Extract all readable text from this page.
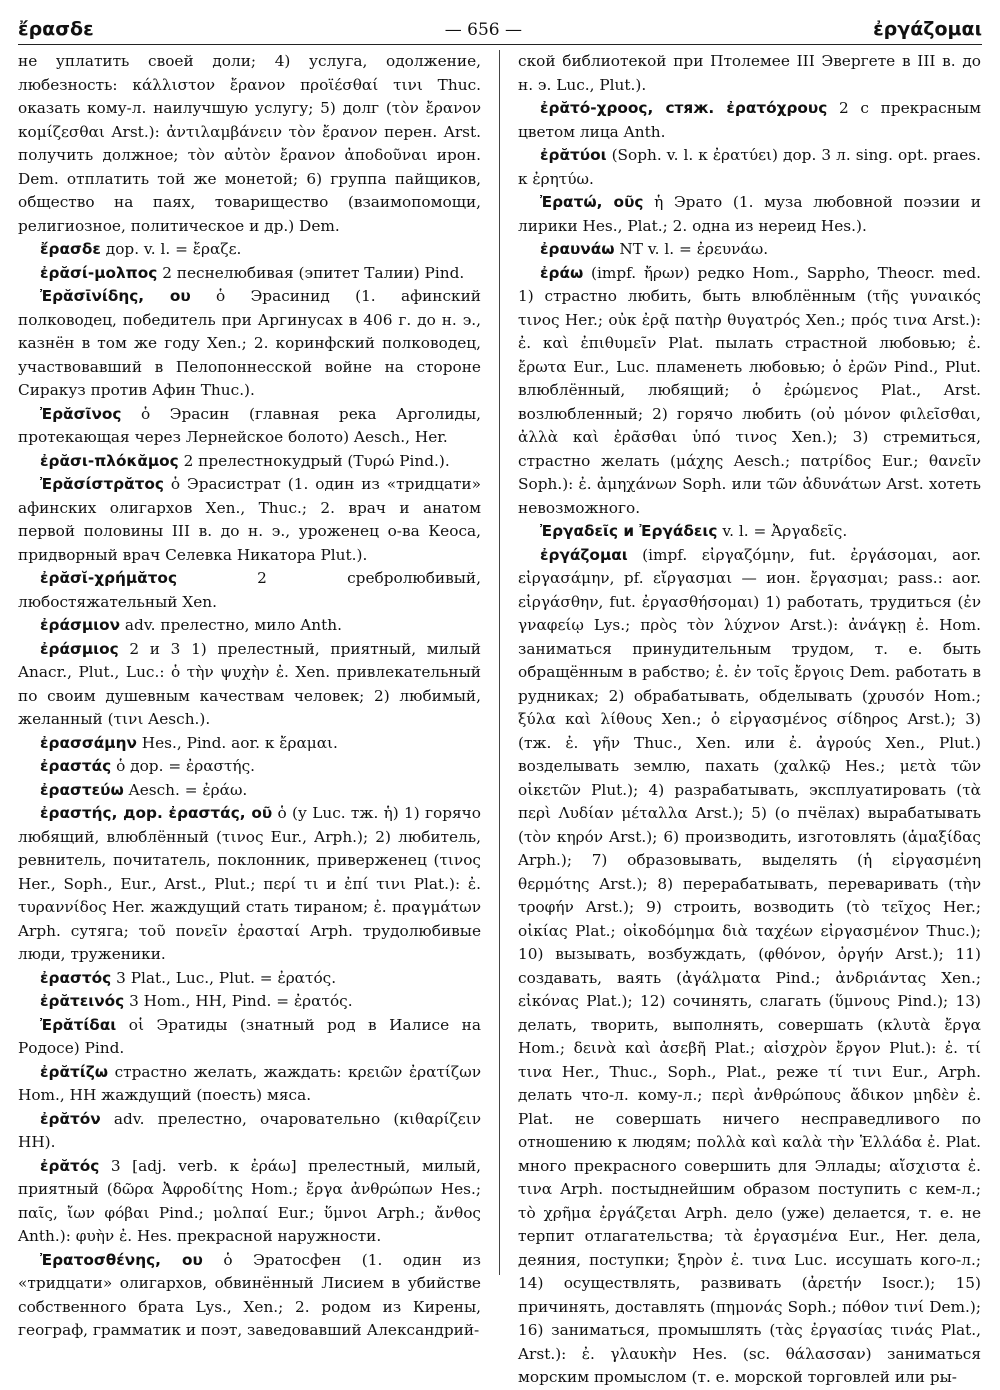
ἔρασδε	— 656 —	ἐργάζομαι

не уплатить своей доли; 4) услуга, одолжение, любезность: κάλλιστον ἔρανον προϊέσθαί τινι Thuc. оказать кому-л. наилучшую услугу; 5) долг (τὸν ἔρανον κομίζεσθαι Arst.): ἀντιλαμβάνειν τὸν ἔρανον перен. Arst. получить должное; τὸν αὐτὸν ἔρανον ἀποδοῦναι ирон. Dem. отплатить той же монетой; 6) группа пайщиков, общество на паях, товарищество (взаимопомощи, религиозное, политическое и др.) Dem.

ἔρασδε дор. v. l. = ἔραζε.

ἐρᾰσί-μολπος 2 песнелюбивая (эпитет Талии) Pind.

Ἐρᾰσῑνίδης, ου ὁ Эрасинид (1. афинский полководец, победитель при Аргинусах в 406 г. до н. э., казнён в том же году Xen.; 2. коринфский полководец, участвовавший в Пелопоннесской войне на стороне Сиракуз против Афин Thuc.).

Ἐρᾰσῖνος ὁ Эрасин (главная река Арголиды, протекающая через Лернейское болото) Aesch., Her.

ἐρᾰσι-πλόκᾰμος 2 прелестнокудрый (Τυρώ Pind.).

Ἐρᾰσίστρᾰτος ὁ Эрасистрат (1. один из «тридцати» афинских олигархов Xen., Thuc.; 2. врач и анатом первой половины III в. до н. э., уроженец о-ва Кеоса, придворный врач Селевка Никатора Plut.).

ἐρᾰσῐ-χρήμᾰτος 2 сребролюбивый, любостяжательный Xen.

ἐράσμιον adv. прелестно, мило Anth.

ἐράσμιος 2 и 3 1) прелестный, приятный, милый Anacr., Plut., Luc.: ὁ τὴν ψυχὴν ἐ. Xen. привлекательный по своим душевным качествам человек; 2) любимый, желанный (τινι Aesch.).

ἐρασσάμην Hes., Pind. aor. к ἔραμαι.

ἐραστάς ὁ дор. = ἐραστής.

ἐραστεύω Aesch. = ἐράω.

ἐραστής, дор. ἐραστάς, οῦ ὁ (у Luc. тж. ἡ) 1) горячо любящий, влюблённый (τινος Eur., Arph.); 2) любитель, ревнитель, почитатель, поклонник, приверженец (τινος Her., Soph., Eur., Arst., Plut.; περί τι и ἐπί τινι Plat.): ἐ. τυραννίδος Her. жаждущий стать тираном; ἐ. πραγμάτων Arph. сутяга; τοῦ πονεῖν ἐρασταί Arph. трудолюбивые люди, труженики.

ἐραστός 3 Plat., Luc., Plut. = ἐρατός.

ἐρᾰτεινός 3 Hom., HH, Pind. = ἐρατός.

Ἐρᾰτίδαι οἱ Эратиды (знатный род в Иалисе на Родосе) Pind.

ἐρᾰτίζω страстно желать, жаждать: κρειῶν ἐρατίζων Hom., HH жаждущий (поесть) мяса.

ἐρᾰτόν adv. прелестно, очаровательно (κιθαρίζειν HH).

ἐρᾰτός 3 [adj. verb. к ἐράω] прелестный, милый, приятный (δῶρα Ἀφροδίτης Hom.; ἔργα ἀνθρώπων Hes.; παῖς, ἴων φόβαι Pind.; μολπαί Eur.; ὕμνοι Arph.; ἄνθος Anth.): φυὴν ἐ. Hes. прекрасной наружности.

Ἐρατοσθένης, ου ὁ Эратосфен (1. один из «тридцати» олигархов, обвинённый Лисием в убийстве собственного брата Lys., Xen.; 2. родом из Кирены, географ, грамматик и поэт, заведовавший Александрий-

ской библиотекой при Птолемее III Эвергете в III в. до н. э. Luc., Plut.).

ἐρᾰτό-χροος, стяж. ἐρατόχρους 2 с прекрасным цветом лица Anth.

ἐρᾰτύοι (Soph. v. l. к ἐρατύει) дор. 3 л. sing. opt. praes. к ἐρητύω.

Ἐρατώ, οῦς ἡ Эрато (1. муза любовной поэзии и лирики Hes., Plat.; 2. одна из нереид Hes.).

ἐραυνάω NT v. l. = ἐρευνάω.

ἐράω (impf. ἤρων) редко Hom., Sappho, Theocr. med. 1) страстно любить, быть влюблённым (τῆς γυναικός τινος Her.; οὐκ ἐρᾷ πατὴρ θυγατρός Xen.; πρός τινα Arst.): ἐ. καὶ ἐπιθυμεῖν Plat. пылать страстной любовью; ἐ. ἔρωτα Eur., Luc. пламенеть любовью; ὁ ἐρῶν Pind., Plut. влюблённый, любящий; ὁ ἐρώμενος Plat., Arst. возлюбленный; 2) горячо любить (οὐ μόνον φιλεῖσθαι, ἀλλὰ καὶ ἐρᾶσθαι ὑπό τινος Xen.); 3) стремиться, страстно желать (μάχης Aesch.; πατρίδος Eur.; θανεῖν Soph.): ἐ. ἀμηχάνων Soph. или τῶν ἀδυνάτων Arst. хотеть невозможного.

Ἐργαδεῖς и Ἐργάδεις v. l. = Ἀργαδεῖς.

ἐργάζομαι (impf. εἰργαζόμην, fut. ἐργάσομαι, aor. εἰργασάμην, pf. εἴργασμαι — ион. ἔργασμαι; pass.: aor. εἰργάσθην, fut. ἐργασθήσομαι) 1) работать, трудиться (ἐν γναφείῳ Lys.; πρὸς τὸν λύχνον Arst.): ἀνάγκῃ ἐ. Hom. заниматься принудительным трудом, т. е. быть обращённым в рабство; ἐ. ἐν τοῖς ἔργοις Dem. работать в рудниках; 2) обрабатывать, обделывать (χρυσόν Hom.; ξύλα καὶ λίθους Xen.; ὁ εἰργασμένος σίδηρος Arst.); 3) (тж. ἐ. γῆν Thuc., Xen. или ἐ. ἀγρούς Xen., Plut.) возделывать землю, пахать (χαλκῷ Hes.; μετὰ τῶν οἰκετῶν Plut.); 4) разрабатывать, эксплуатировать (τὰ περὶ Λυδίαν μέταλλα Arst.); 5) (о пчёлах) вырабатывать (τὸν κηρόν Arst.); 6) производить, изготовлять (ἁμαξίδας Arph.); 7) образовывать, выделять (ἡ εἰργασμένη θερμότης Arst.); 8) перерабатывать, переваривать (τὴν τροφήν Arst.); 9) строить, возводить (τὸ τεῖχος Her.; οἰκίας Plat.; οἰκοδόμημα διὰ ταχέων εἰργασμένον Thuc.); 10) вызывать, возбуждать, (φθόνον, ὀργήν Arst.); 11) создавать, ваять (ἀγάλματα Pind.; ἀνδριάντας Xen.; εἰκόνας Plat.); 12) сочинять, слагать (ὕμνους Pind.); 13) делать, творить, выполнять, совершать (κλυτὰ ἔργα Hom.; δεινὰ καὶ ἀσεβῆ Plat.; αἰσχρὸν ἔργον Plut.): ἐ. τί τινα Her., Thuc., Soph., Plat., реже τί τινι Eur., Arph. делать что-л. кому-л.; περὶ ἀνθρώπους ἄδικον μηδὲν ἐ. Plat. не совершать ничего несправедливого по отношению к людям; πολλὰ καὶ καλὰ τὴν Ἑλλάδα ἐ. Plat. много прекрасного совершить для Эллады; αἴσχιστα ἐ. τινα Arph. постыднейшим образом поступить с кем-л.; τὸ χρῆμα ἐργάζεται Arph. дело (уже) делается, т. е. не терпит отлагательства; τὰ ἐργασμένα Eur., Her. дела, деяния, поступки; ξηρὸν ἐ. τινα Luc. иссушать кого-л.; 14) осуществлять, развивать (ἀρετήν Isocr.); 15) причинять, доставлять (πημονάς Soph.; πόθον τινί Dem.); 16) заниматься, промышлять (τὰς ἐργασίας τινάς Plat., Arst.): ἐ. γλαυκὴν Hes. (sc. θάλασσαν) заниматься морским промыслом (т. е. морской торговлей или ры-
